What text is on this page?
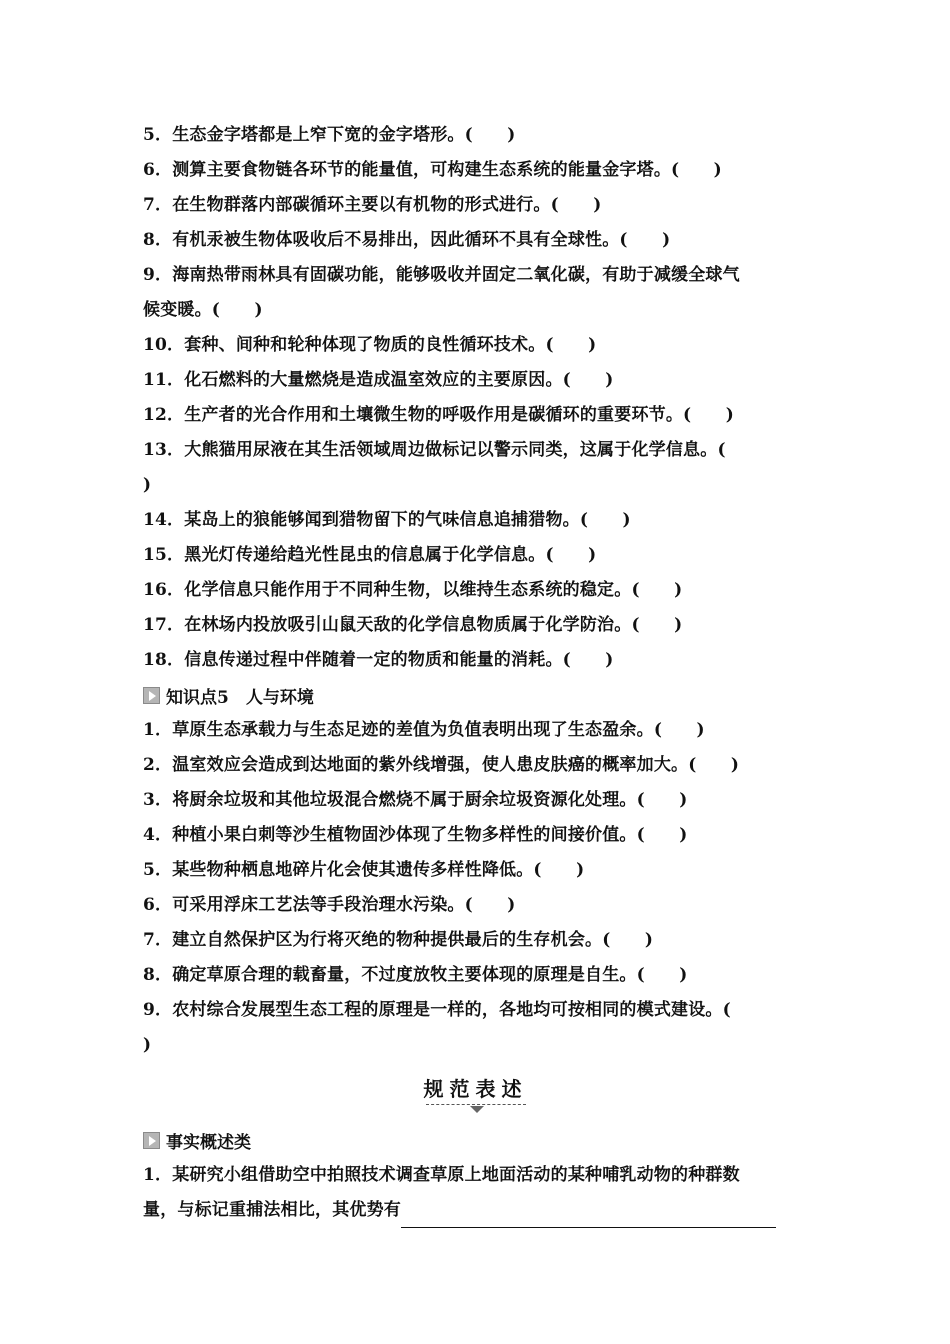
5．生态金字塔都是上窄下宽的金字塔形。(　　)
6．测算主要食物链各环节的能量值，可构建生态系统的能量金字塔。(　　)
7．在生物群落内部碳循环主要以有机物的形式进行。(　　)
8．有机汞被生物体吸收后不易排出，因此循环不具有全球性。(　　)
9．海南热带雨林具有固碳功能，能够吸收并固定二氧化碳，有助于减缓全球气
候变暖。(　　)
10．套种、间种和轮种体现了物质的良性循环技术。(　　)
11．化石燃料的大量燃烧是造成温室效应的主要原因。(　　)
12．生产者的光合作用和土壤微生物的呼吸作用是碳循环的重要环节。(　　)
13．大熊猫用尿液在其生活领域周边做标记以警示同类，这属于化学信息。(
)
14．某岛上的狼能够闻到猎物留下的气味信息追捕猎物。(　　)
15．黑光灯传递给趋光性昆虫的信息属于化学信息。(　　)
16．化学信息只能作用于不同种生物，以维持生态系统的稳定。(　　)
17．在林场内投放吸引山鼠天敌的化学信息物质属于化学防治。(　　)
18．信息传递过程中伴随着一定的物质和能量的消耗。(　　)
知识点5　人与环境
1．草原生态承载力与生态足迹的差值为负值表明出现了生态盈余。(　　)
2．温室效应会造成到达地面的紫外线增强，使人患皮肤癌的概率加大。(　　)
3．将厨余垃圾和其他垃圾混合燃烧不属于厨余垃圾资源化处理。(　　)
4．种植小果白刺等沙生植物固沙体现了生物多样性的间接价值。(　　)
5．某些物种栖息地碎片化会使其遗传多样性降低。(　　)
6．可采用浮床工艺法等手段治理水污染。(　　)
7．建立自然保护区为行将灭绝的物种提供最后的生存机会。(　　)
8．确定草原合理的载畜量，不过度放牧主要体现的原理是自生。(　　)
9．农村综合发展型生态工程的原理是一样的，各地均可按相同的模式建设。(
)
规范表述
事实概述类
1．某研究小组借助空中拍照技术调查草原上地面活动的某种哺乳动物的种群数
量，与标记重捕法相比，其优势有
